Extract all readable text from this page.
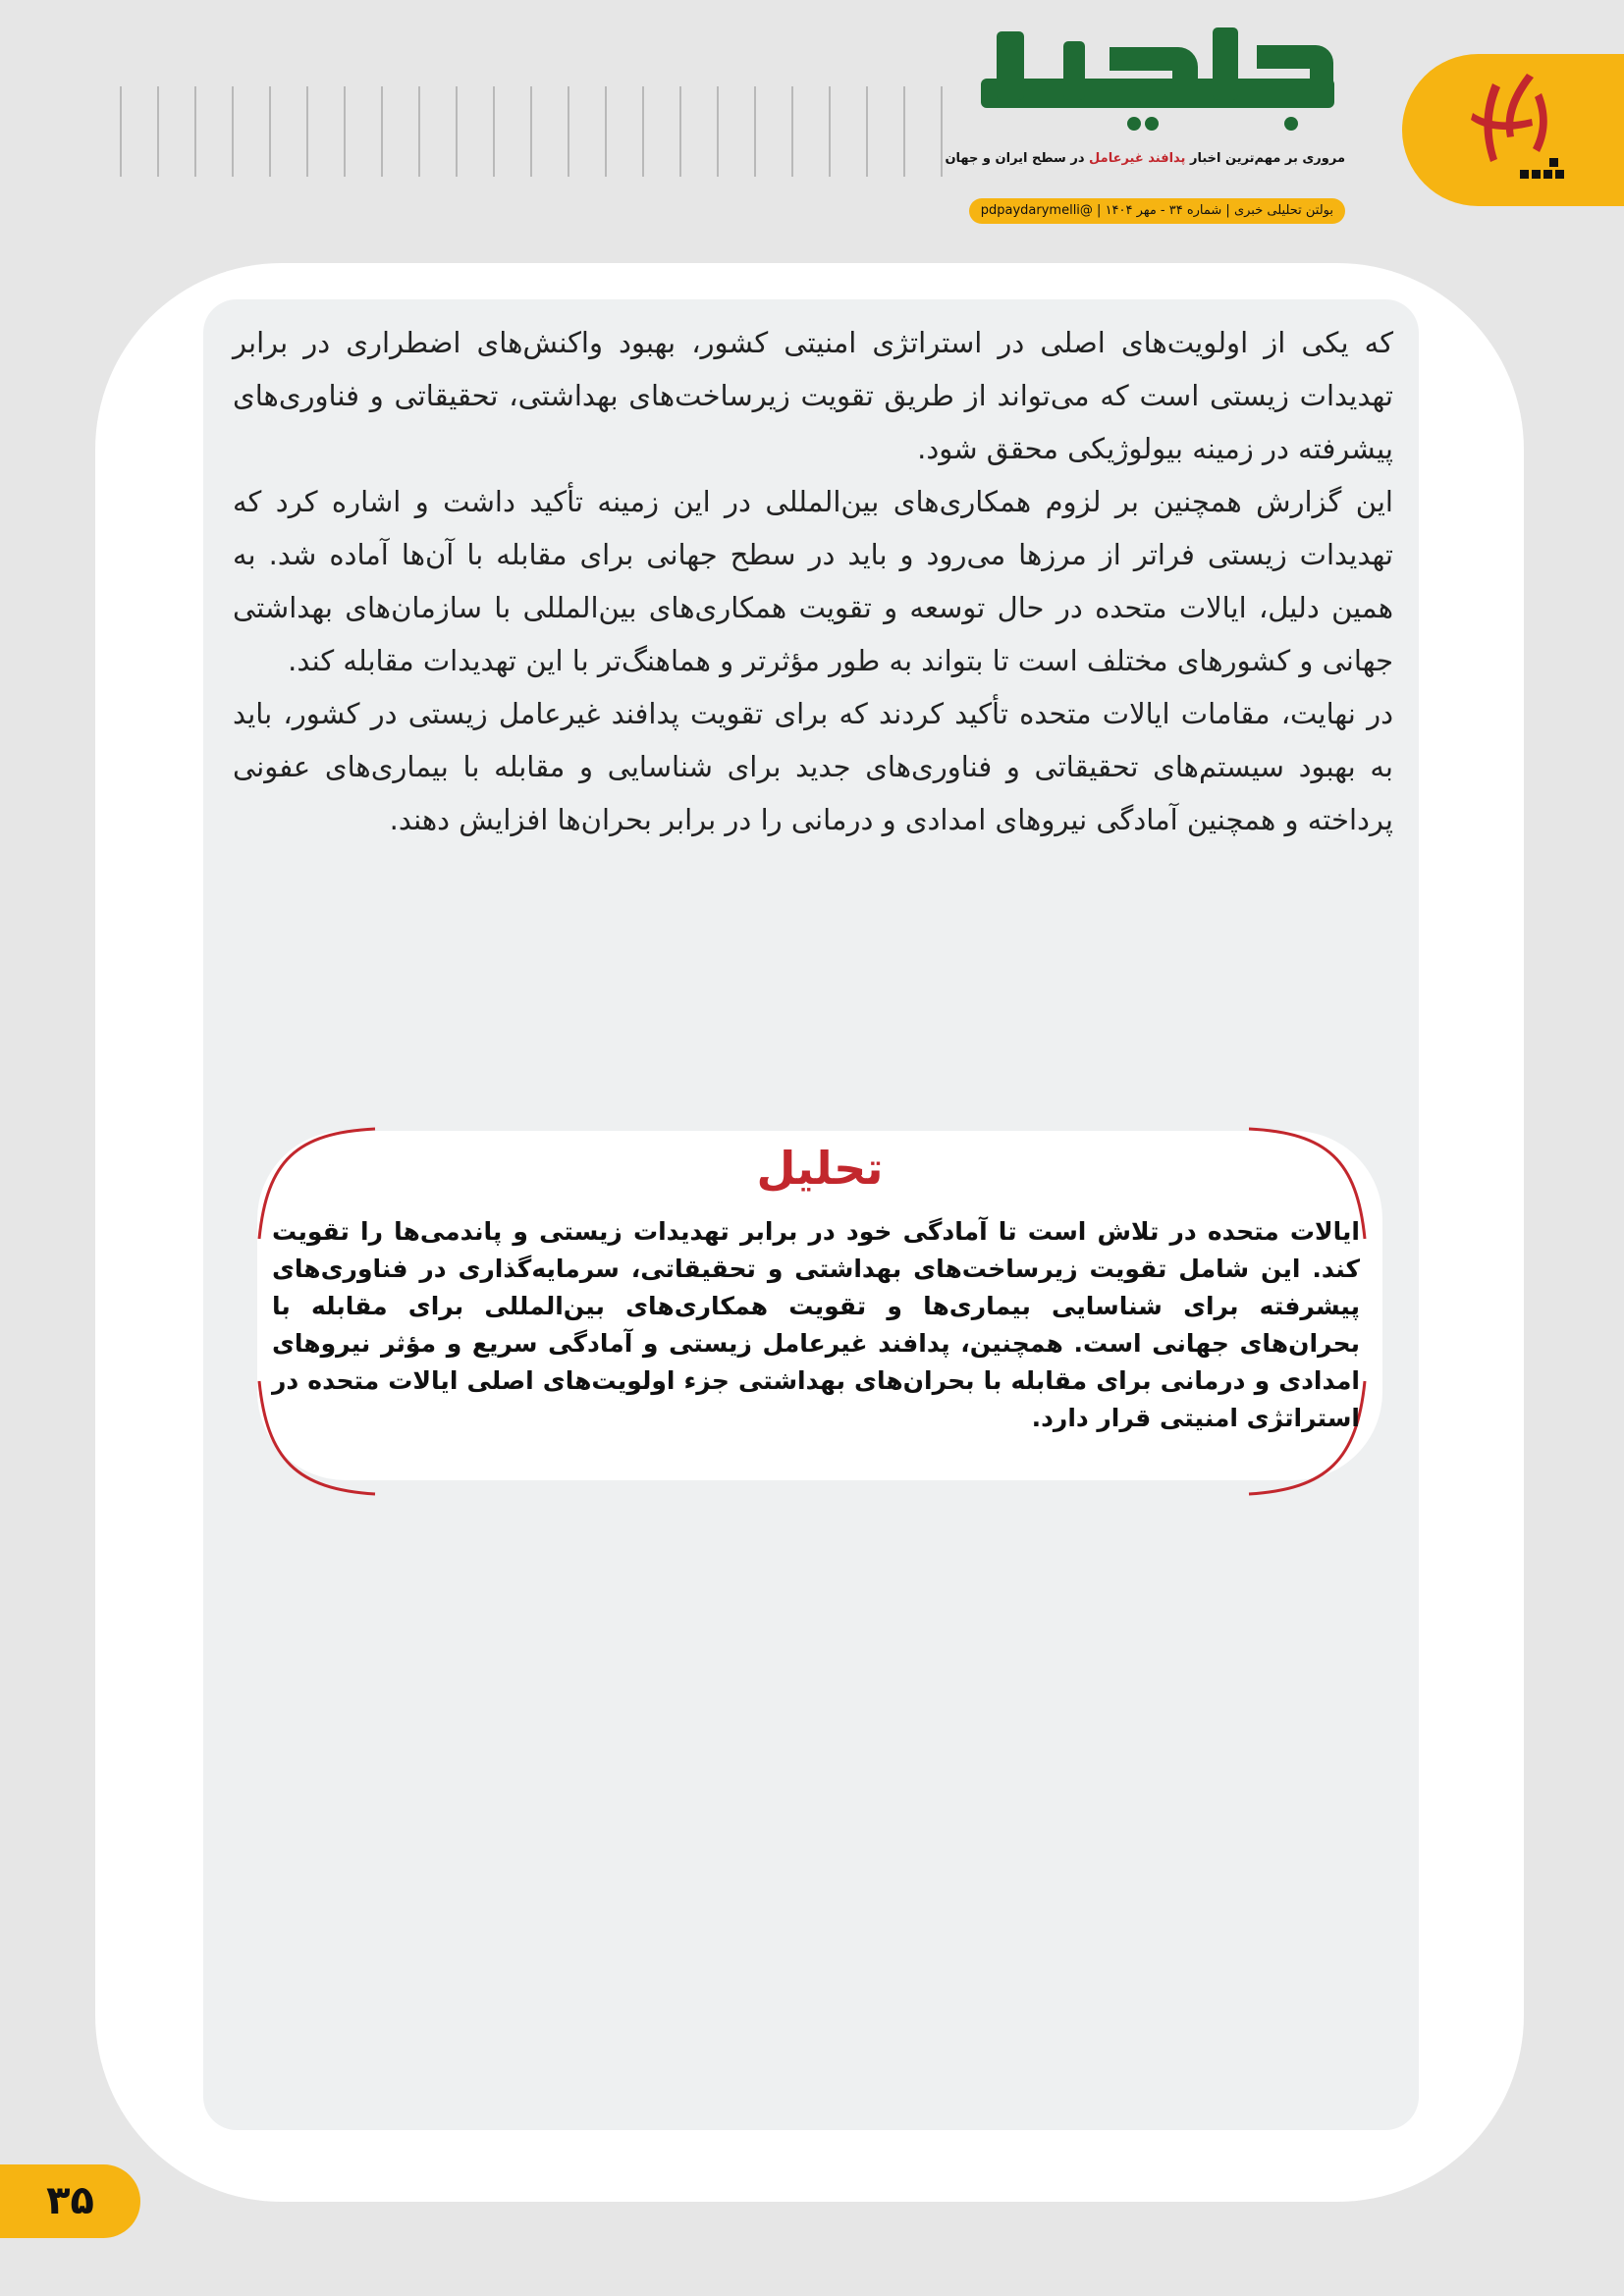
مروری بر مهم‌ترین اخبار پدافند غیرعامل در سطح ایران و جهان
بولتن تحلیلی خبری | شماره ۳۴ - مهر ۱۴۰۴ | @pdpaydarymelli

که یکی از اولویت‌های اصلی در استراتژی امنیتی کشور، بهبود واکنش‌های اضطراری در برابر تهدیدات زیستی است که می‌تواند از طریق تقویت زیرساخت‌های بهداشتی، تحقیقاتی و فناوری‌های پیشرفته در زمینه بیولوژیکی محقق شود.

این گزارش همچنین بر لزوم همکاری‌های بین‌المللی در این زمینه تأکید داشت و اشاره کرد که تهدیدات زیستی فراتر از مرزها می‌رود و باید در سطح جهانی برای مقابله با آن‌ها آماده شد. به همین دلیل، ایالات متحده در حال توسعه و تقویت همکاری‌های بین‌المللی با سازمان‌های بهداشتی جهانی و کشورهای مختلف است تا بتواند به طور مؤثرتر و هماهنگ‌تر با این تهدیدات مقابله کند.

در نهایت، مقامات ایالات متحده تأکید کردند که برای تقویت پدافند غیرعامل زیستی در کشور، باید به بهبود سیستم‌های تحقیقاتی و فناوری‌های جدید برای شناسایی و مقابله با بیماری‌های عفونی پرداخته و همچنین آمادگی نیروهای امدادی و درمانی را در برابر بحران‌ها افزایش دهند.

تحلیل
ایالات متحده در تلاش است تا آمادگی خود در برابر تهدیدات زیستی و پاندمی‌ها را تقویت کند. این شامل تقویت زیرساخت‌های بهداشتی و تحقیقاتی، سرمایه‌گذاری در فناوری‌های پیشرفته برای شناسایی بیماری‌ها و تقویت همکاری‌های بین‌المللی برای مقابله با بحران‌های جهانی است. همچنین، پدافند غیرعامل زیستی و آمادگی سریع و مؤثر نیروهای امدادی و درمانی برای مقابله با بحران‌های بهداشتی جزء اولویت‌های اصلی ایالات متحده در استراتژی امنیتی قرار دارد.
۳۵
